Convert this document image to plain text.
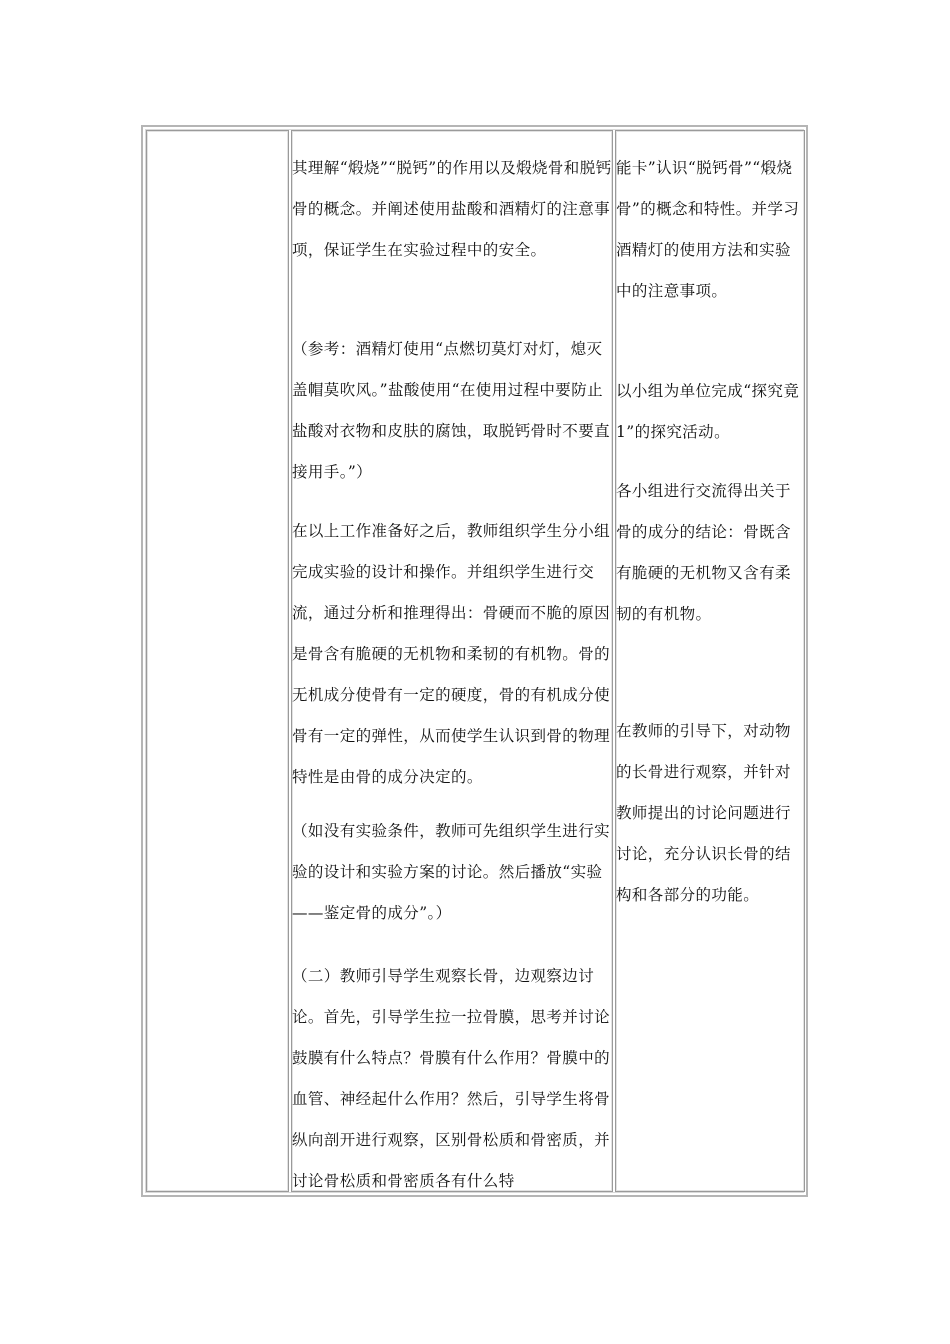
其理解“煅烧”“脱钙”的作用以及煅烧骨和脱钙骨的概念。并阐述使用盐酸和酒精灯的注意事项，保证学生在实验过程中的安全。

（参考：酒精灯使用“点燃切莫灯对灯，熄灭盖帽莫吹风。”盐酸使用“在使用过程中要防止盐酸对衣物和皮肤的腐蚀，取脱钙骨时不要直接用手。”）

在以上工作准备好之后，教师组织学生分小组完成实验的设计和操作。并组织学生进行交流，通过分析和推理得出：骨硬而不脆的原因是骨含有脆硬的无机物和柔韧的有机物。骨的无机成分使骨有一定的硬度，骨的有机成分使骨有一定的弹性，从而使学生认识到骨的物理特性是由骨的成分决定的。

（如没有实验条件，教师可先组织学生进行实验的设计和实验方案的讨论。然后播放“实验——鉴定骨的成分”。）

（二）教师引导学生观察长骨，边观察边讨论。首先，引导学生拉一拉骨膜，思考并讨论鼓膜有什么特点？骨膜有什么作用？骨膜中的血管、神经起什么作用？然后，引导学生将骨纵向剖开进行观察，区别骨松质和骨密质，并讨论骨松质和骨密质各有什么特

能卡”认识“脱钙骨”“煅烧骨”的概念和特性。并学习酒精灯的使用方法和实验中的注意事项。

以小组为单位完成“探究竟1”的探究活动。

各小组进行交流得出关于骨的成分的结论：骨既含有脆硬的无机物又含有柔韧的有机物。

在教师的引导下，对动物的长骨进行观察，并针对教师提出的讨论问题进行讨论，充分认识长骨的结构和各部分的功能。
